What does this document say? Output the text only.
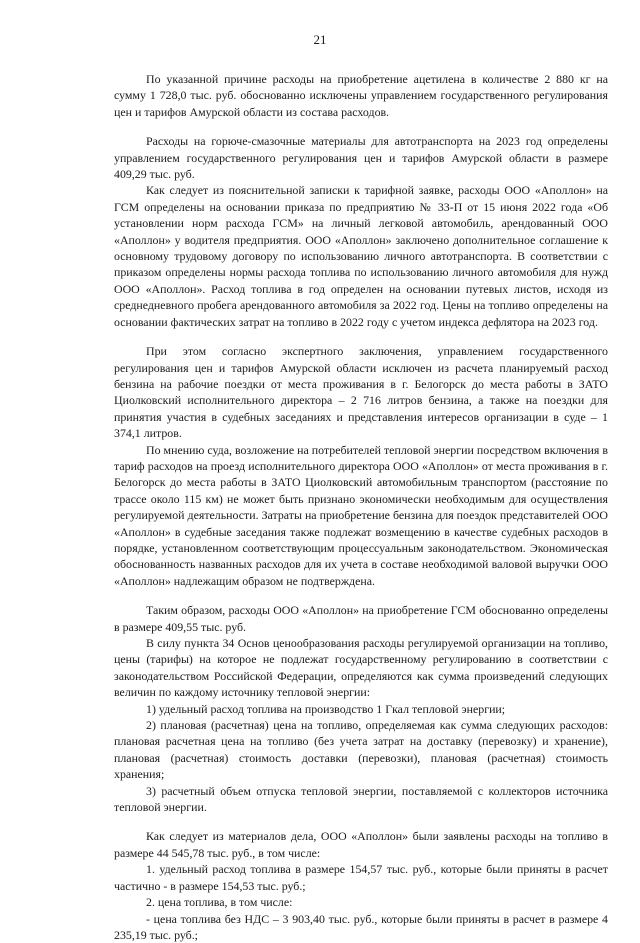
21

По указанной причине расходы на приобретение ацетилена в количестве 2 880 кг на сумму 1 728,0 тыс. руб. обоснованно исключены управлением государственного регулирования цен и тарифов Амурской области из состава расходов.

Расходы на горюче-смазочные материалы для автотранспорта на 2023 год определены управлением государственного регулирования цен и тарифов Амурской области в размере 409,29 тыс. руб.

Как следует из пояснительной записки к тарифной заявке, расходы ООО «Аполлон» на ГСМ определены на основании приказа по предприятию № 33-П от 15 июня 2022 года «Об установлении норм расхода ГСМ» на личный легковой автомобиль, арендованный ООО «Аполлон» у водителя предприятия. ООО «Аполлон» заключено дополнительное соглашение к основному трудовому договору по использованию личного автотранспорта. В соответствии с приказом определены нормы расхода топлива по использованию личного автомобиля для нужд ООО «Аполлон». Расход топлива в год определен на основании путевых листов, исходя из среднедневного пробега арендованного автомобиля за 2022 год. Цены на топливо определены на основании фактических затрат на топливо в 2022 году с учетом индекса дефлятора на 2023 год.

При этом согласно экспертного заключения, управлением государственного регулирования цен и тарифов Амурской области исключен из расчета планируемый расход бензина на рабочие поездки от места проживания в г. Белогорск до места работы в ЗАТО Циолковский исполнительного директора – 2 716 литров бензина, а также на поездки для принятия участия в судебных заседаниях и представления интересов организации в суде – 1 374,1 литров.

По мнению суда, возложение на потребителей тепловой энергии посредством включения в тариф расходов на проезд исполнительного директора ООО «Аполлон» от места проживания в г. Белогорск до места работы в ЗАТО Циолковский автомобильным транспортом (расстояние по трассе около 115 км) не может быть признано экономически необходимым для осуществления регулируемой деятельности. Затраты на приобретение бензина для поездок представителей ООО «Аполлон» в судебные заседания также подлежат возмещению в качестве судебных расходов в порядке, установленном соответствующим процессуальным законодательством. Экономическая обоснованность названных расходов для их учета в составе необходимой валовой выручки ООО «Аполлон» надлежащим образом не подтверждена.

Таким образом, расходы ООО «Аполлон» на приобретение ГСМ обоснованно определены в размере 409,55 тыс. руб.

В силу пункта 34 Основ ценообразования расходы регулируемой организации на топливо, цены (тарифы) на которое не подлежат государственному регулированию в соответствии с законодательством Российской Федерации, определяются как сумма произведений следующих величин по каждому источнику тепловой энергии:

1) удельный расход топлива на производство 1 Гкал тепловой энергии;

2) плановая (расчетная) цена на топливо, определяемая как сумма следующих расходов: плановая расчетная цена на топливо (без учета затрат на доставку (перевозку) и хранение), плановая (расчетная) стоимость доставки (перевозки), плановая (расчетная) стоимость хранения;

3) расчетный объем отпуска тепловой энергии, поставляемой с коллекторов источника тепловой энергии.

Как следует из материалов дела, ООО «Аполлон» были заявлены расходы на топливо в размере 44 545,78 тыс. руб., в том числе:

1. удельный расход топлива в размере 154,57 тыс. руб., которые были приняты в расчет частично - в размере 154,53 тыс. руб.;

2. цена топлива, в том числе:

- цена топлива без НДС – 3 903,40 тыс. руб., которые были приняты в расчет в размере 4 235,19 тыс. руб.;
